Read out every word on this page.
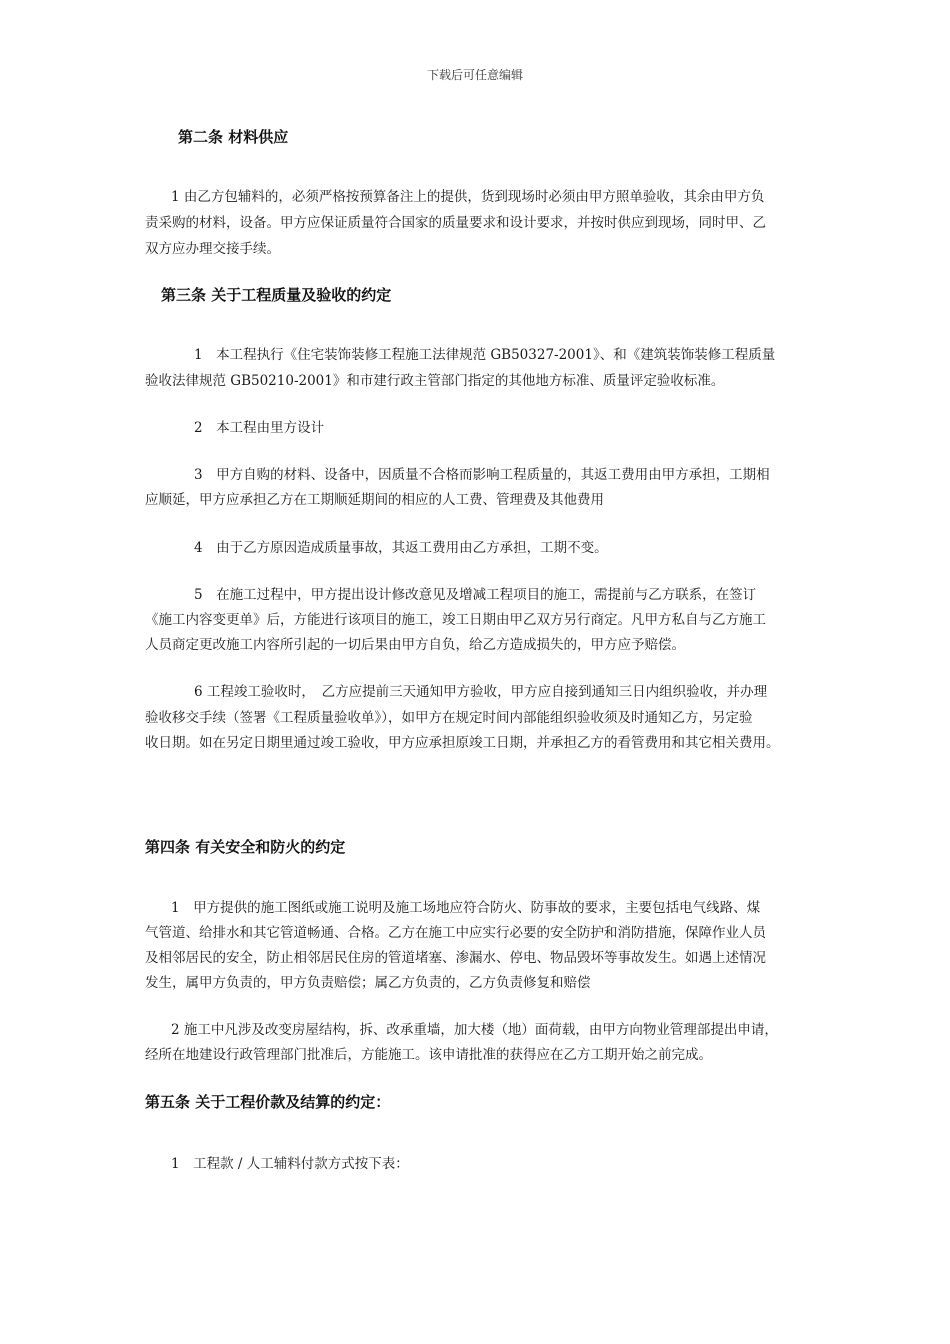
下载后可任意编辑
第二条 材料供应
1 由乙方包辅料的，必须严格按预算备注上的提供，货到现场时必须由甲方照单验收，其余由甲方负
责采购的材料，设备。甲方应保证质量符合国家的质量要求和设计要求，并按时供应到现场，同时甲、乙
双方应办理交接手续。
第三条 关于工程质量及验收的约定
1　本工程执行《住宅装饰装修工程施工法律规范 GB50327-2001》、和《建筑装饰装修工程质量
验收法律规范 GB50210-2001》和市建行政主管部门指定的其他地方标准、质量评定验收标准。
2　本工程由里方设计
3　甲方自购的材料、设备中，因质量不合格而影响工程质量的，其返工费用由甲方承担，工期相
应顺延，甲方应承担乙方在工期顺延期间的相应的人工费、管理费及其他费用
4　由于乙方原因造成质量事故，其返工费用由乙方承担，工期不变。
5　在施工过程中，甲方提出设计修改意见及增减工程项目的施工，需提前与乙方联系，在签订
《施工内容变更单》后，方能进行该项目的施工，竣工日期由甲乙双方另行商定。凡甲方私自与乙方施工
人员商定更改施工内容所引起的一切后果由甲方自负，给乙方造成损失的，甲方应予赔偿。
6 工程竣工验收时，　乙方应提前三天通知甲方验收，甲方应自接到通知三日内组织验收，并办理
验收移交手续（签署《工程质量验收单》），如甲方在规定时间内部能组织验收须及时通知乙方，另定验
收日期。如在另定日期里通过竣工验收，甲方应承担原竣工日期，并承担乙方的看管费用和其它相关费用。
第四条 有关安全和防火的约定
1　甲方提供的施工图纸或施工说明及施工场地应符合防火、防事故的要求，主要包括电气线路、煤
气管道、给排水和其它管道畅通、合格。乙方在施工中应实行必要的安全防护和消防措施，保障作业人员
及相邻居民的安全，防止相邻居民住房的管道堵塞、渗漏水、停电、物品毁坏等事故发生。如遇上述情况
发生，属甲方负责的，甲方负责赔偿；属乙方负责的，乙方负责修复和赔偿
2 施工中凡涉及改变房屋结构，拆、改承重墙，加大楼（地）面荷载，由甲方向物业管理部提出申请，
经所在地建设行政管理部门批准后，方能施工。该申请批准的获得应在乙方工期开始之前完成。
第五条 关于工程价款及结算的约定：
1　工程款 / 人工辅料付款方式按下表：
